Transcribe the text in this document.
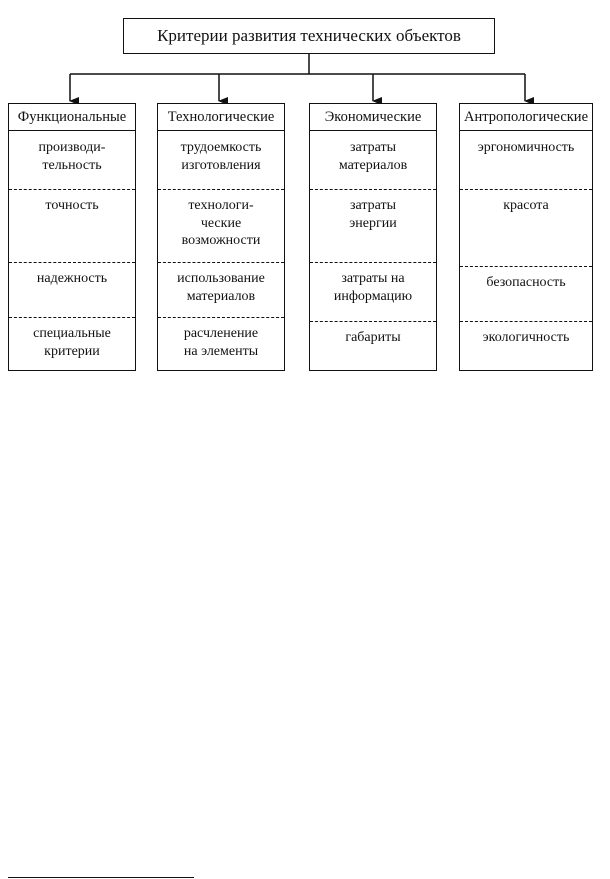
Критерии развития технических объектов
Функциональные
производи-
тельность
точность
надежность
специальные
критерии
Технологические
трудоемкость
изготовления
технологи-
ческие
возможности
использование
материалов
расчленение
на элементы
Экономические
затраты
материалов
затраты
энергии
затраты на
информацию
габариты
Антропологические
эргономичность
красота
безопасность
экологичность
